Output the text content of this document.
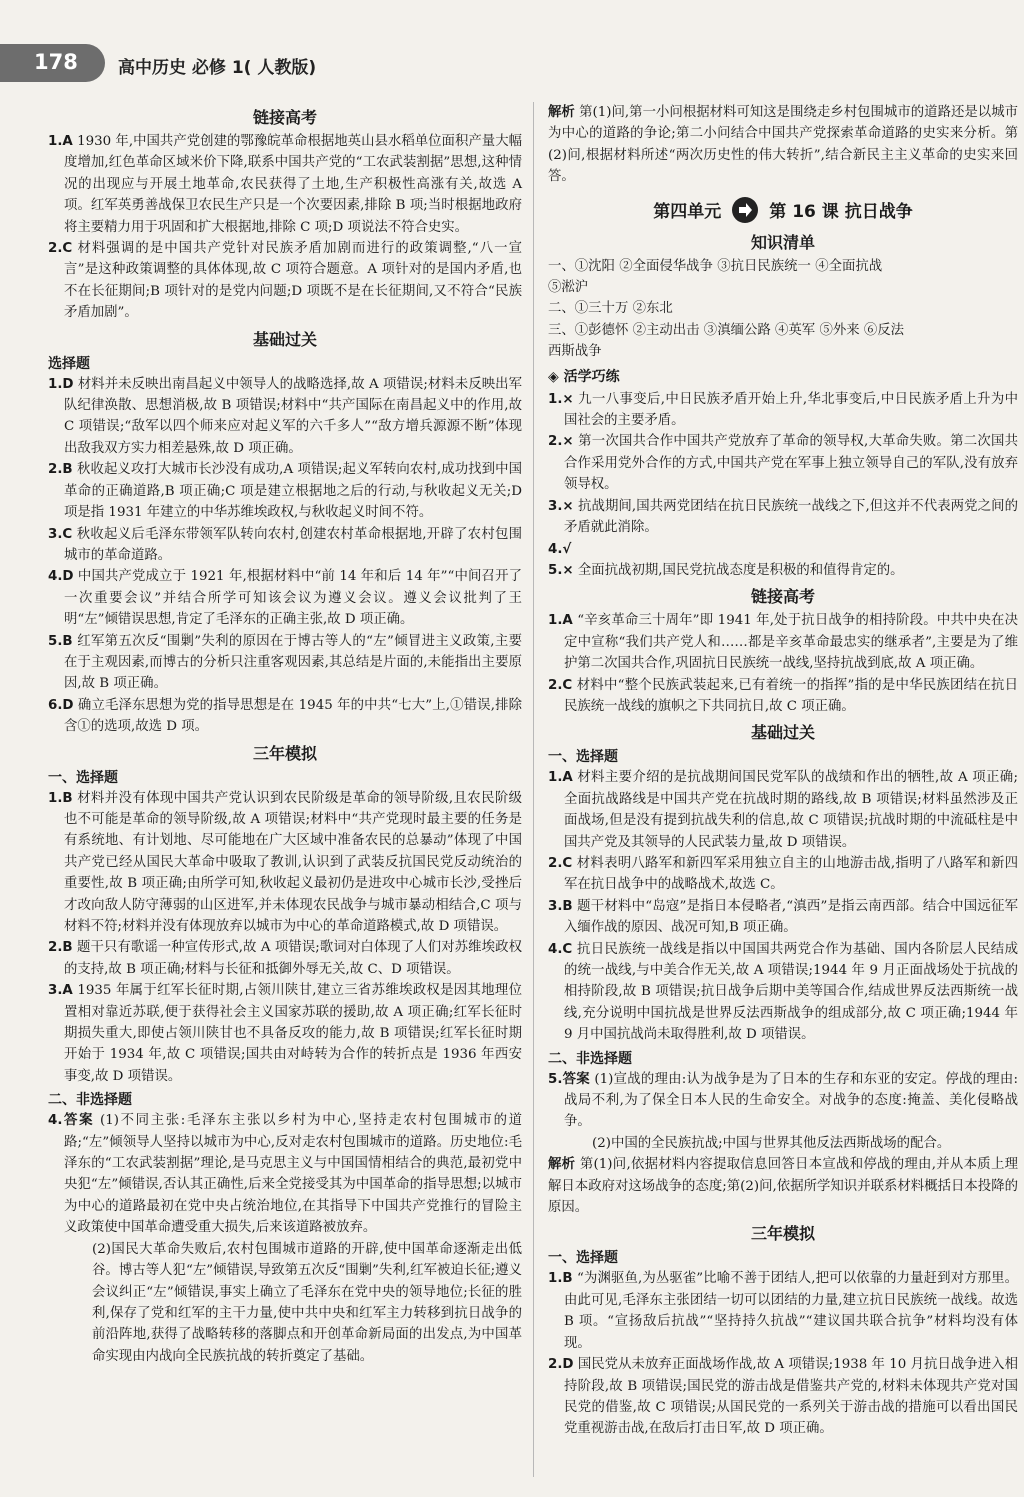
178 高中历史 必修 1( 人教版)
链接高考

1.A 1930 年,中国共产党创建的鄂豫皖革命根据地英山县水稻单位面积产量大幅度增加,红色革命区域米价下降,联系中国共产党的“工农武装割据”思想,这种情况的出现应与开展土地革命,农民获得了土地,生产积极性高涨有关,故选 A 项。红军英勇善战保卫农民生产只是一个次要因素,排除 B 项;当时根据地政府将主要精力用于巩固和扩大根据地,排除 C 项;D 项说法不符合史实。

2.C 材料强调的是中国共产党针对民族矛盾加剧而进行的政策调整,“八一宣言”是这种政策调整的具体体现,故 C 项符合题意。A 项针对的是国内矛盾,也不在长征期间;B 项针对的是党内问题;D 项既不是在长征期间,又不符合“民族矛盾加剧”。

基础过关
选择题

1.D 材料并未反映出南昌起义中领导人的战略选择,故 A 项错误;材料未反映出军队纪律涣散、思想消极,故 B 项错误;材料中“共产国际在南昌起义中的作用,故 C 项错误;“敌军以四个师来应对起义军的六千多人”“敌方增兵源源不断”体现出敌我双方实力相差悬殊,故 D 项正确。

2.B 秋收起义攻打大城市长沙没有成功,A 项错误;起义军转向农村,成功找到中国革命的正确道路,B 项正确;C 项是建立根据地之后的行动,与秋收起义无关;D 项是指 1931 年建立的中华苏维埃政权,与秋收起义时间不符。

3.C 秋收起义后毛泽东带领军队转向农村,创建农村革命根据地,开辟了农村包围城市的革命道路。

4.D 中国共产党成立于 1921 年,根据材料中“前 14 年和后 14 年”“中间召开了一次重要会议”并结合所学可知该会议为遵义会议。遵义会议批判了王明“左”倾错误思想,肯定了毛泽东的正确主张,故 D 项正确。

5.B 红军第五次反“围剿”失利的原因在于博古等人的“左”倾冒进主义政策,主要在于主观因素,而博古的分析只注重客观因素,其总结是片面的,未能指出主要原因,故 B 项正确。

6.D 确立毛泽东思想为党的指导思想是在 1945 年的中共“七大”上,①错误,排除含①的选项,故选 D 项。

三年模拟
一、选择题

1.B 材料并没有体现中国共产党认识到农民阶级是革命的领导阶级,且农民阶级也不可能是革命的领导阶级,故 A 项错误;材料中“共产党现时最主要的任务是有系统地、有计划地、尽可能地在广大区域中准备农民的总暴动”体现了中国共产党已经从国民大革命中吸取了教训,认识到了武装反抗国民党反动统治的重要性,故 B 项正确;由所学可知,秋收起义最初仍是进攻中心城市长沙,受挫后才改向敌人防守薄弱的山区进军,并未体现农民战争与城市暴动相结合,C 项与材料不符;材料并没有体现放弃以城市为中心的革命道路模式,故 D 项错误。

2.B 题干只有歌谣一种宣传形式,故 A 项错误;歌词对白体现了人们对苏维埃政权的支持,故 B 项正确;材料与长征和抵御外辱无关,故 C、D 项错误。

3.A 1935 年属于红军长征时期,占领川陕甘,建立三省苏维埃政权是因其地理位置相对靠近苏联,便于获得社会主义国家苏联的援助,故 A 项正确;红军长征时期损失重大,即使占领川陕甘也不具备反攻的能力,故 B 项错误;红军长征时期开始于 1934 年,故 C 项错误;国共由对峙转为合作的转折点是 1936 年西安事变,故 D 项错误。

二、非选择题

4.答案 (1)不同主张:毛泽东主张以乡村为中心,坚持走农村包围城市的道路;“左”倾领导人坚持以城市为中心,反对走农村包围城市的道路。历史地位:毛泽东的“工农武装割据”理论,是马克思主义与中国国情相结合的典范,最初党中央犯“左”倾错误,否认其正确性,后来全党接受其为中国革命的指导思想;以城市为中心的道路最初在党中央占统治地位,在其指导下中国共产党推行的冒险主义政策使中国革命遭受重大损失,后来该道路被放弃。

(2)国民大革命失败后,农村包围城市道路的开辟,使中国革命逐渐走出低谷。博古等人犯“左”倾错误,导致第五次反“围剿”失利,红军被迫长征;遵义会议纠正“左”倾错误,事实上确立了毛泽东在党中央的领导地位;长征的胜利,保存了党和红军的主干力量,使中共中央和红军主力转移到抗日战争的前沿阵地,获得了战略转移的落脚点和开创革命新局面的出发点,为中国革命实现由内战向全民族抗战的转折奠定了基础。

解析 第(1)问,第一小问根据材料可知这是围绕走乡村包围城市的道路还是以城市为中心的道路的争论;第二小问结合中国共产党探索革命道路的史实来分析。第(2)问,根据材料所述“两次历史性的伟大转折”,结合新民主主义革命的史实来回答。

第四单元	第 16 课 抗日战争
知识清单

一、①沈阳 ②全面侵华战争 ③抗日民族统一 ④全面抗战

⑤淞沪

二、①三十万 ②东北

三、①彭德怀 ②主动出击 ③滇缅公路 ④英军 ⑤外来 ⑥反法

西斯战争

◈ 活学巧练

1.× 九一八事变后,中日民族矛盾开始上升,华北事变后,中日民族矛盾上升为中国社会的主要矛盾。

2.× 第一次国共合作中国共产党放弃了革命的领导权,大革命失败。第二次国共合作采用党外合作的方式,中国共产党在军事上独立领导自己的军队,没有放弃领导权。

3.× 抗战期间,国共两党团结在抗日民族统一战线之下,但这并不代表两党之间的矛盾就此消除。

4.√

5.× 全面抗战初期,国民党抗战态度是积极的和值得肯定的。

链接高考

1.A “辛亥革命三十周年”即 1941 年,处于抗日战争的相持阶段。中共中央在决定中宣称“我们共产党人和……都是辛亥革命最忠实的继承者”,主要是为了维护第二次国共合作,巩固抗日民族统一战线,坚持抗战到底,故 A 项正确。

2.C 材料中“整个民族武装起来,已有着统一的指挥”指的是中华民族团结在抗日民族统一战线的旗帜之下共同抗日,故 C 项正确。

基础过关
一、选择题

1.A 材料主要介绍的是抗战期间国民党军队的战绩和作出的牺牲,故 A 项正确;全面抗战路线是中国共产党在抗战时期的路线,故 B 项错误;材料虽然涉及正面战场,但是没有提到抗战失利的信息,故 C 项错误;抗战时期的中流砥柱是中国共产党及其领导的人民武装力量,故 D 项错误。

2.C 材料表明八路军和新四军采用独立自主的山地游击战,指明了八路军和新四军在抗日战争中的战略战术,故选 C。

3.B 题干材料中“岛寇”是指日本侵略者,“滇西”是指云南西部。结合中国远征军入缅作战的原因、战况可知,B 项正确。

4.C 抗日民族统一战线是指以中国国共两党合作为基础、国内各阶层人民结成的统一战线,与中美合作无关,故 A 项错误;1944 年 9 月正面战场处于抗战的相持阶段,故 B 项错误;抗日战争后期中美等国合作,结成世界反法西斯统一战线,充分说明中国抗战是世界反法西斯战争的组成部分,故 C 项正确;1944 年 9 月中国抗战尚未取得胜利,故 D 项错误。

二、非选择题

5.答案 (1)宣战的理由:认为战争是为了日本的生存和东亚的安定。停战的理由:战局不利,为了保全日本人民的生命安全。对战争的态度:掩盖、美化侵略战争。

(2)中国的全民族抗战;中国与世界其他反法西斯战场的配合。

解析 第(1)问,依据材料内容提取信息回答日本宣战和停战的理由,并从本质上理解日本政府对这场战争的态度;第(2)问,依据所学知识并联系材料概括日本投降的原因。

三年模拟
一、选择题

1.B “为渊驱鱼,为丛驱雀”比喻不善于团结人,把可以依靠的力量赶到对方那里。由此可见,毛泽东主张团结一切可以团结的力量,建立抗日民族统一战线。故选 B 项。“宣扬敌后抗战”“坚持持久抗战”“建议国共联合抗争”材料均没有体现。

2.D 国民党从未放弃正面战场作战,故 A 项错误;1938 年 10 月抗日战争进入相持阶段,故 B 项错误;国民党的游击战是借鉴共产党的,材料未体现共产党对国民党的借鉴,故 C 项错误;从国民党的一系列关于游击战的措施可以看出国民党重视游击战,在敌后打击日军,故 D 项正确。
